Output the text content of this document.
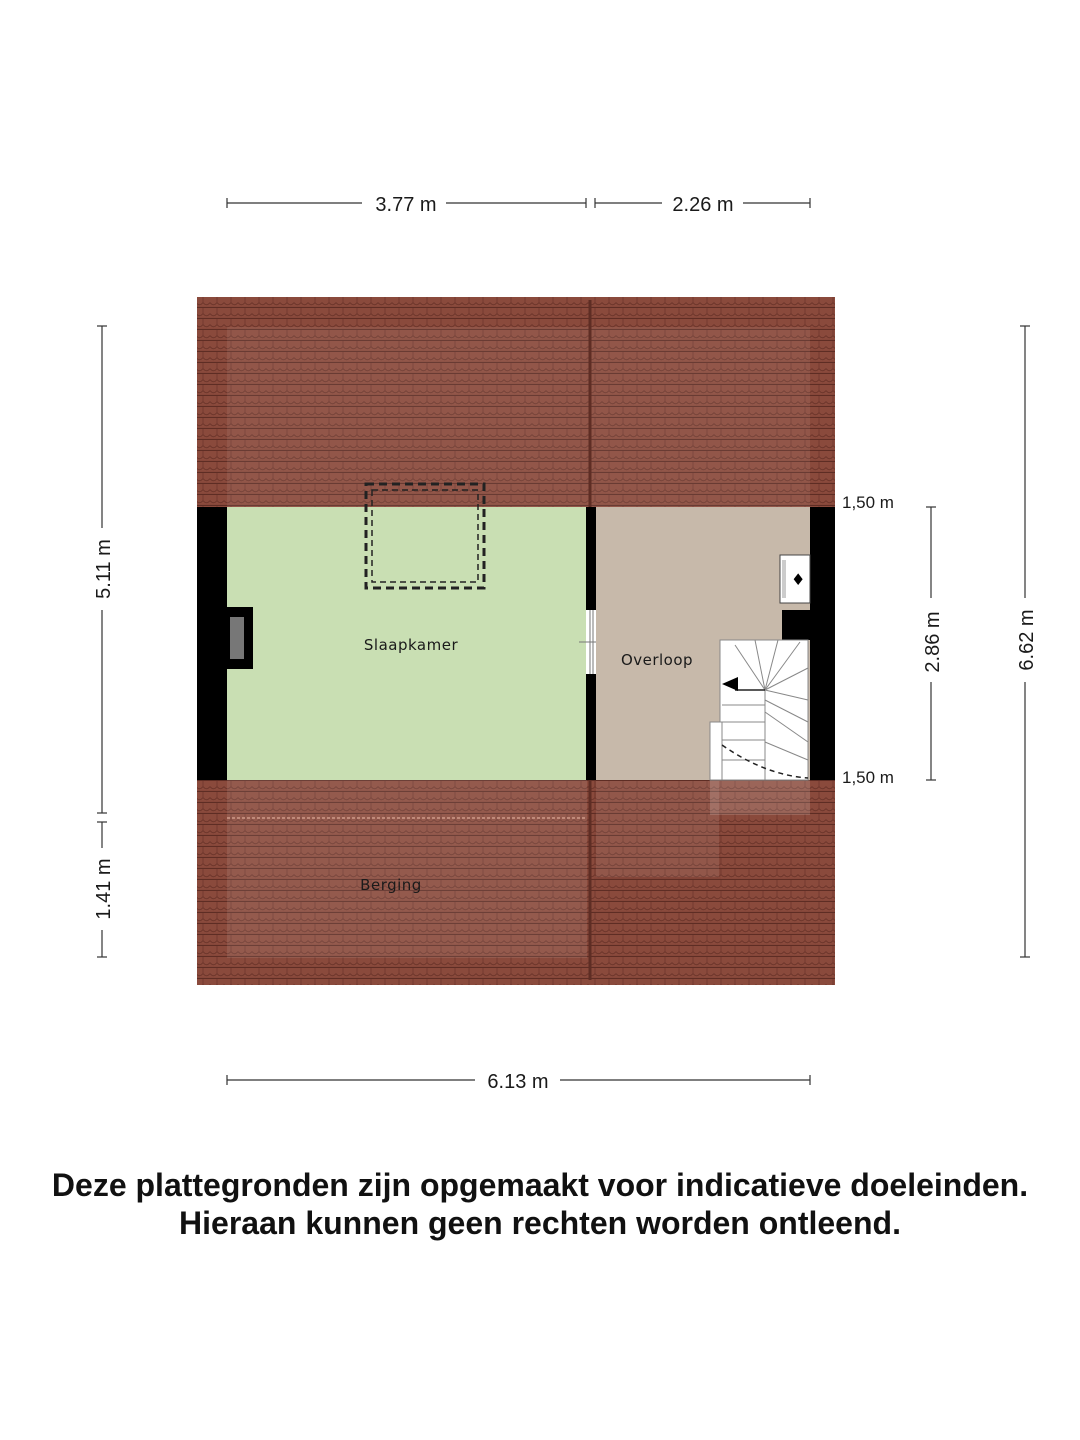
♦
Slaapkamer
Overloop
Berging
3.77 m	2.26 m
6.13 m
5.11 m
1.41 m
6.62 m
2.86 m
1,50 m
1,50 m
Deze plattegronden zijn opgemaakt voor indicatieve doeleinden.
Hieraan kunnen geen rechten worden ontleend.
